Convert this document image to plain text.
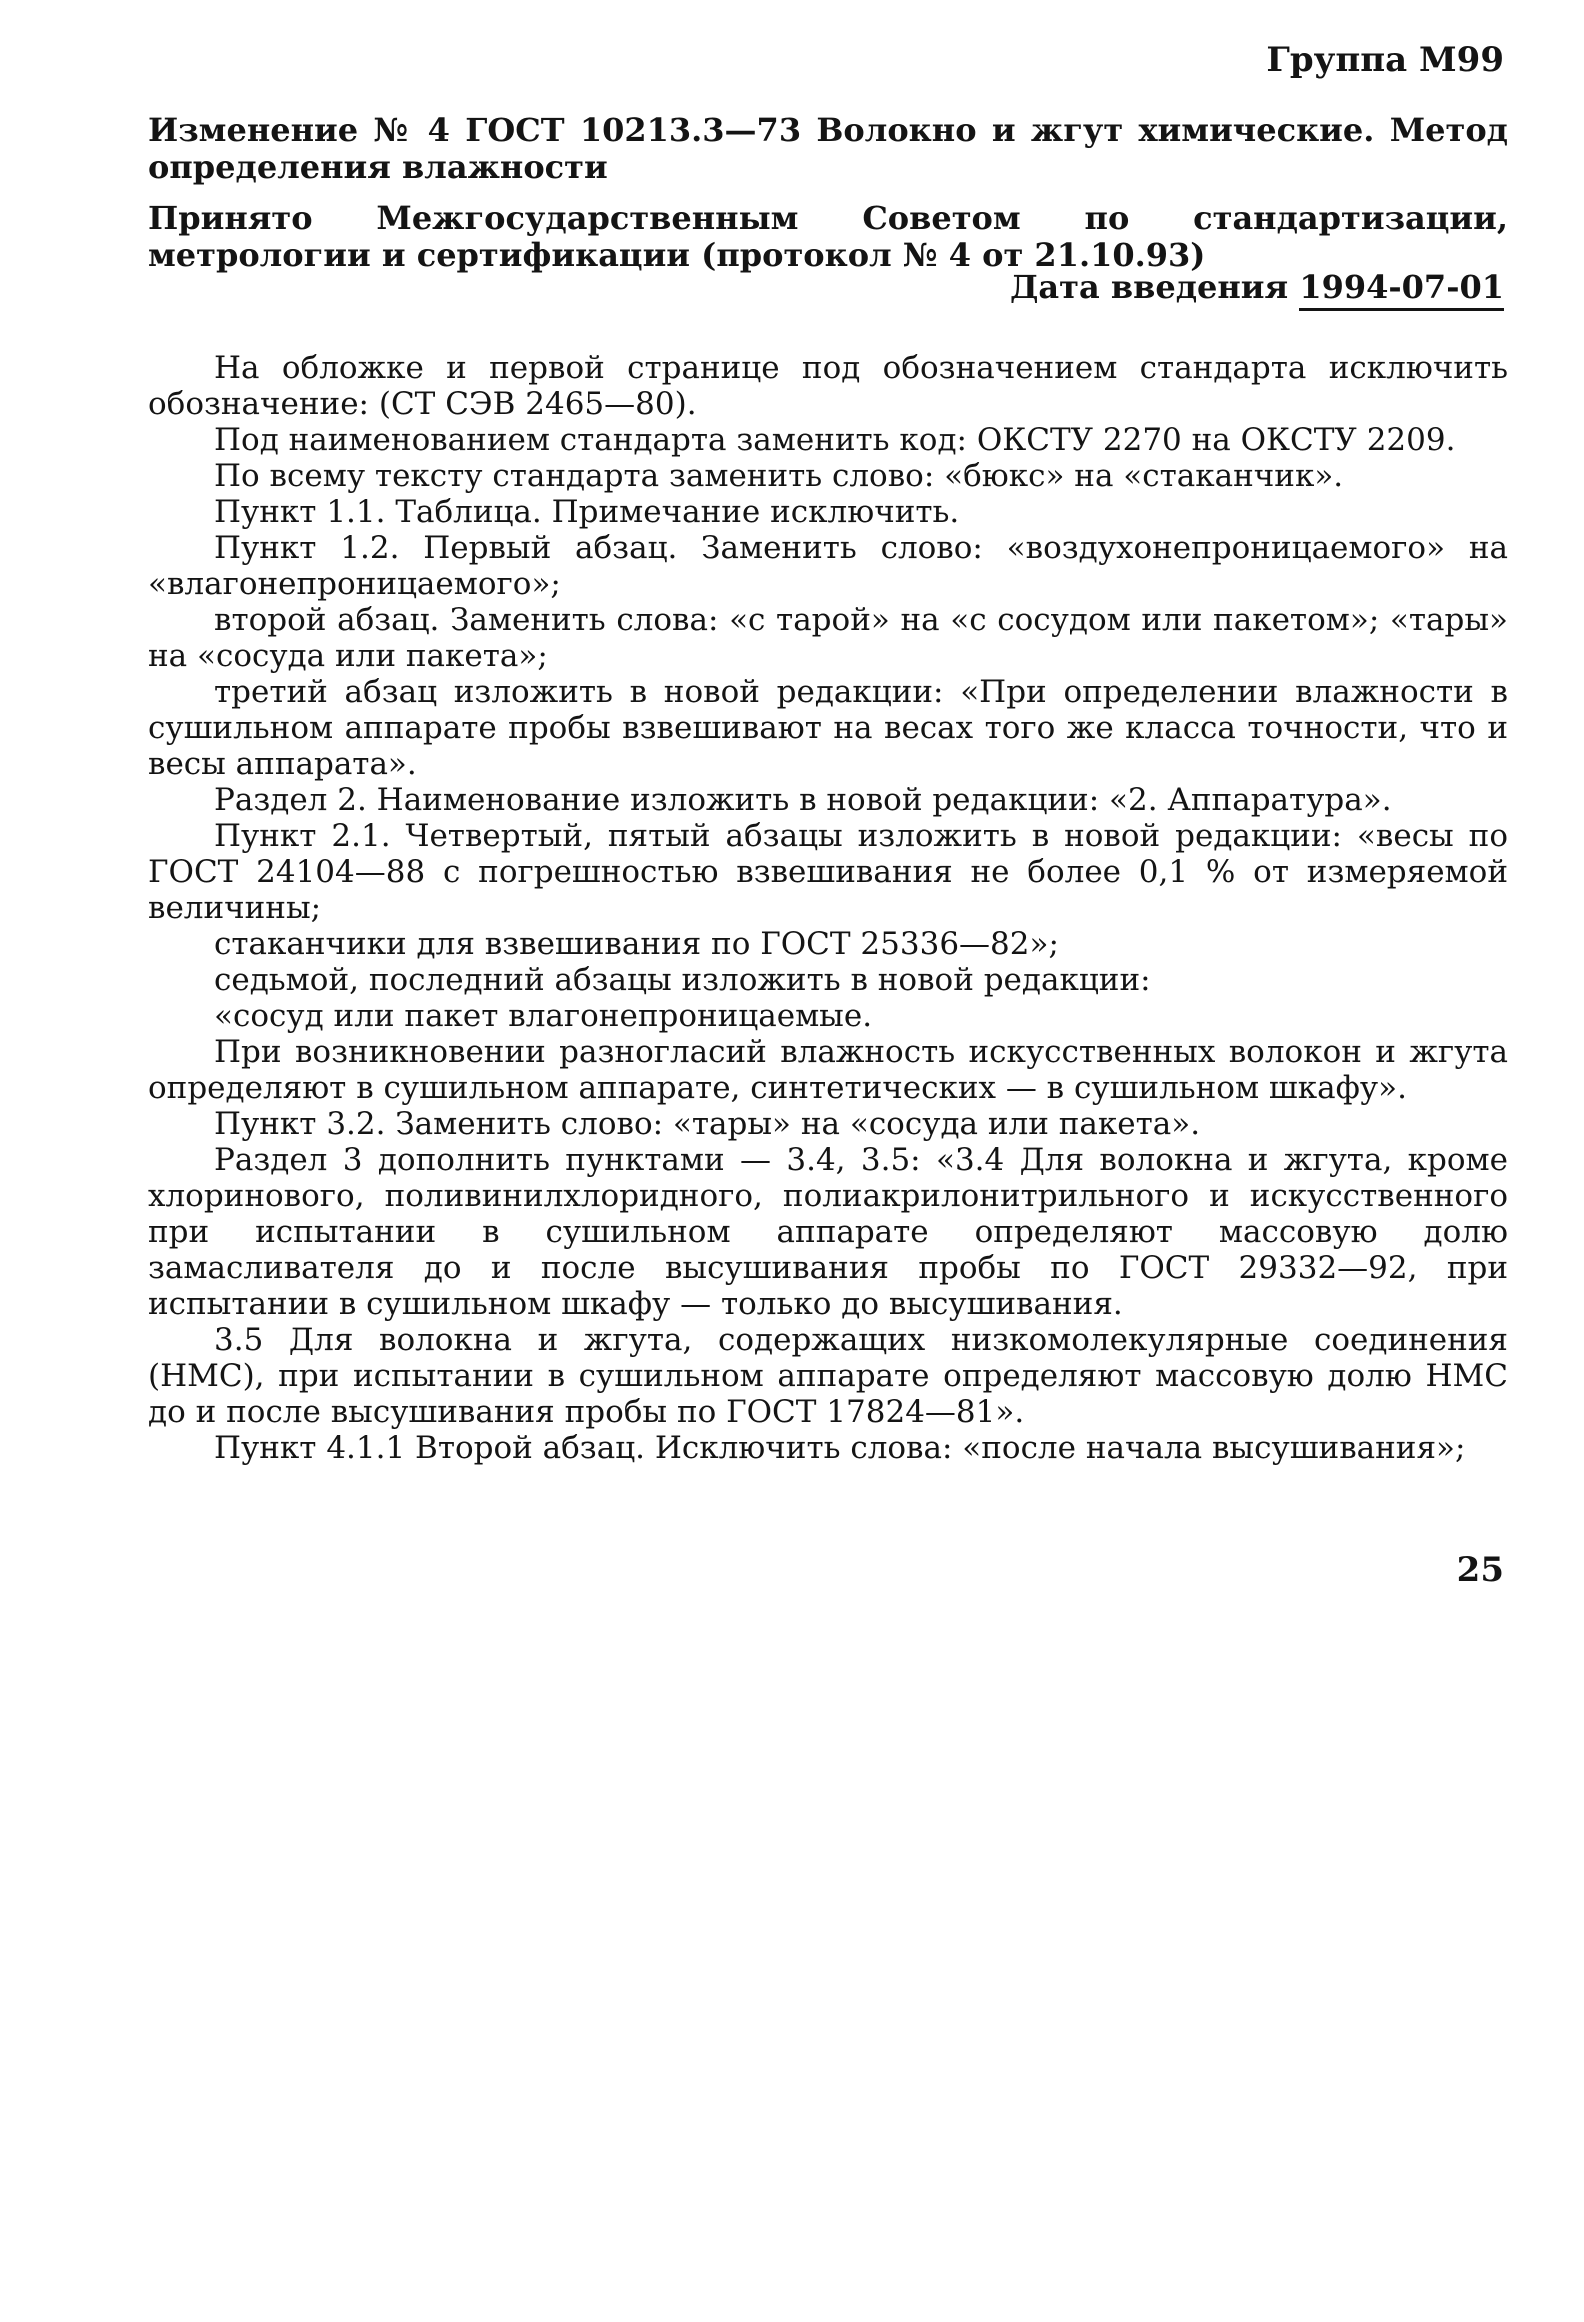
Группа М99
Изменение № 4 ГОСТ 10213.3—73 Волокно и жгут химические. Метод определения влажности
Принято Межгосударственным Советом по стандартизации, метрологии и сертификации (протокол № 4 от 21.10.93)
Дата введения 1994-07-01

На обложке и первой странице под обозначением стандарта исключить обозначение: (СТ СЭВ 2465—80).

Под наименованием стандарта заменить код: ОКСТУ 2270 на ОКСТУ 2209.

По всему тексту стандарта заменить слово: «бюкс» на «стаканчик».

Пункт 1.1. Таблица. Примечание исключить.

Пункт 1.2. Первый абзац. Заменить слово: «воздухонепроницаемого» на «влагонепроницаемого»;

второй абзац. Заменить слова: «с тарой» на «с сосудом или пакетом»; «тары» на «сосуда или пакета»;

третий абзац изложить в новой редакции: «При определении влажности в сушильном аппарате пробы взвешивают на весах того же класса точности, что и весы аппарата».

Раздел 2. Наименование изложить в новой редакции: «2. Аппаратура».

Пункт 2.1. Четвертый, пятый абзацы изложить в новой редакции: «весы по ГОСТ 24104—88 с погрешностью взвешивания не более 0,1 % от измеряемой величины;

стаканчики для взвешивания по ГОСТ 25336—82»;

седьмой, последний абзацы изложить в новой редакции:

«сосуд или пакет влагонепроницаемые.

При возникновении разногласий влажность искусственных волокон и жгута определяют в сушильном аппарате, синтетических — в сушильном шкафу».

Пункт 3.2. Заменить слово: «тары» на «сосуда или пакета».

Раздел 3 дополнить пунктами — 3.4, 3.5: «3.4 Для волокна и жгута, кроме хлоринового, поливинилхлоридного, полиакрилонитрильного и искусственного при испытании в сушильном аппарате определяют массовую долю замасливателя до и после высушивания пробы по ГОСТ 29332—92, при испытании в сушильном шкафу — только до высушивания.

3.5 Для волокна и жгута, содержащих низкомолекулярные соединения (НМС), при испытании в сушильном аппарате определяют массовую долю НМС до и после высушивания пробы по ГОСТ 17824—81».

Пункт 4.1.1 Второй абзац. Исключить слова: «после начала высушивания»;

25
